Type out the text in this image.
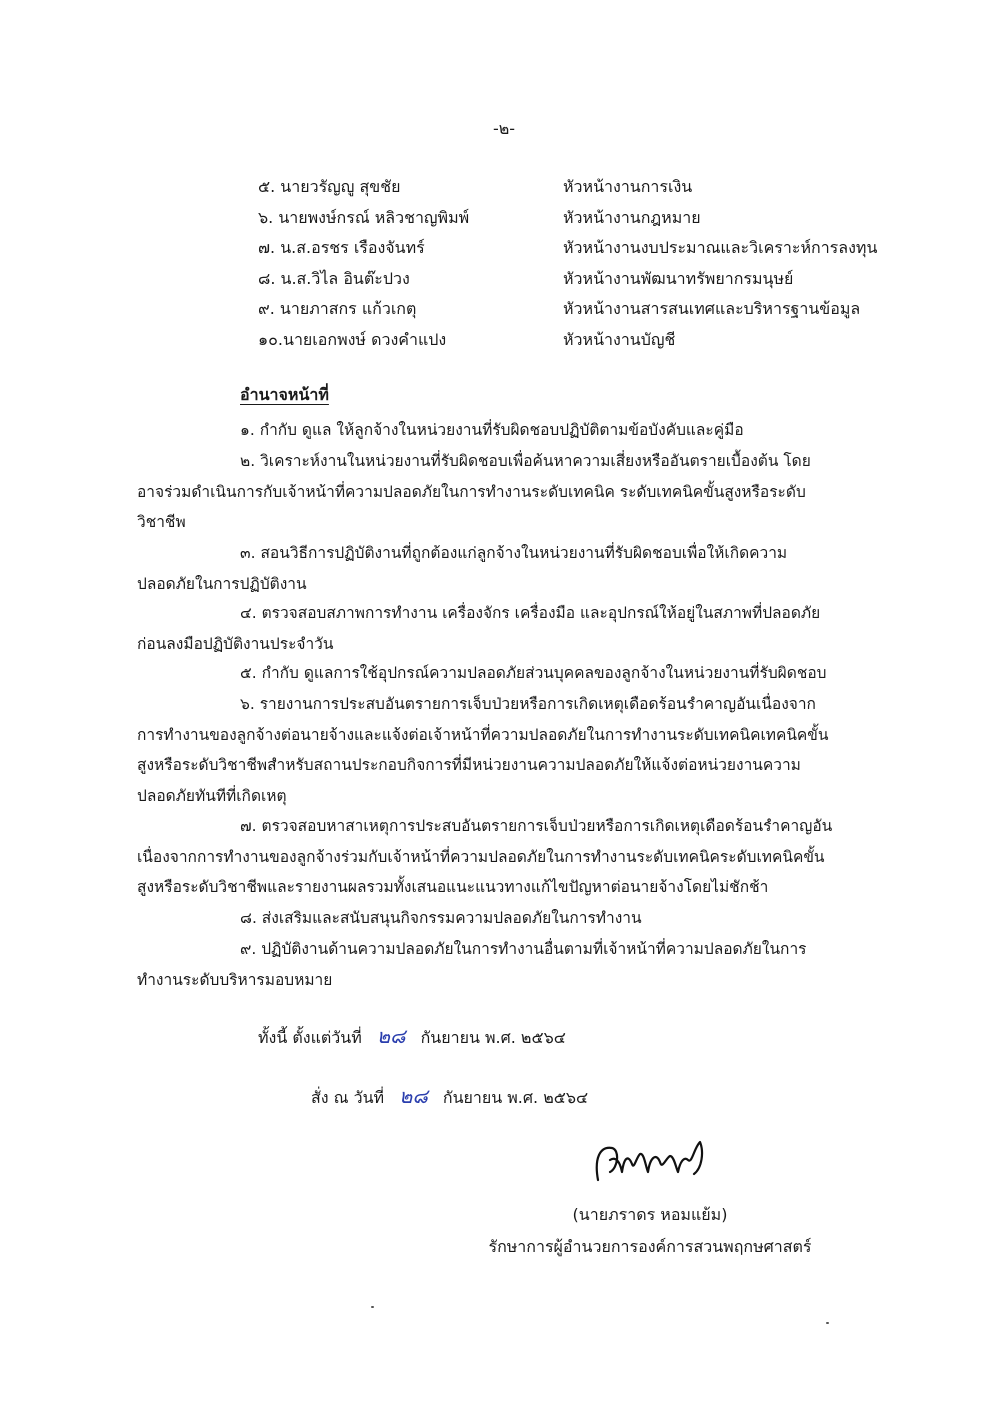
-๒-
๕. นายวรัญญู สุขชัย	หัวหน้างานการเงิน
๖. นายพงษ์กรณ์ หลิวชาญพิมพ์	หัวหน้างานกฎหมาย
๗. น.ส.อรชร เรืองจันทร์	หัวหน้างานงบประมาณและวิเคราะห์การลงทุน
๘. น.ส.วิไล อินต๊ะปวง	หัวหน้างานพัฒนาทรัพยากรมนุษย์
๙. นายภาสกร แก้วเกตุ	หัวหน้างานสารสนเทศและบริหารฐานข้อมูล
๑๐.นายเอกพงษ์ ดวงคำแปง	หัวหน้างานบัญชี
อำนาจหน้าที่
๑. กำกับ ดูแล ให้ลูกจ้างในหน่วยงานที่รับผิดชอบปฏิบัติตามข้อบังคับและคู่มือ
๒. วิเคราะห์งานในหน่วยงานที่รับผิดชอบเพื่อค้นหาความเสี่ยงหรืออันตรายเบื้องต้น โดย
อาจร่วมดำเนินการกับเจ้าหน้าที่ความปลอดภัยในการทำงานระดับเทคนิค ระดับเทคนิคขั้นสูงหรือระดับ
วิชาชีพ
๓. สอนวิธีการปฏิบัติงานที่ถูกต้องแก่ลูกจ้างในหน่วยงานที่รับผิดชอบเพื่อให้เกิดความ
ปลอดภัยในการปฏิบัติงาน
๔. ตรวจสอบสภาพการทำงาน เครื่องจักร เครื่องมือ และอุปกรณ์ให้อยู่ในสภาพที่ปลอดภัย
ก่อนลงมือปฏิบัติงานประจำวัน
๕. กำกับ ดูแลการใช้อุปกรณ์ความปลอดภัยส่วนบุคคลของลูกจ้างในหน่วยงานที่รับผิดชอบ
๖. รายงานการประสบอันตรายการเจ็บป่วยหรือการเกิดเหตุเดือดร้อนรำคาญอันเนื่องจาก
การทำงานของลูกจ้างต่อนายจ้างและแจ้งต่อเจ้าหน้าที่ความปลอดภัยในการทำงานระดับเทคนิคเทคนิคขั้น
สูงหรือระดับวิชาชีพสำหรับสถานประกอบกิจการที่มีหน่วยงานความปลอดภัยให้แจ้งต่อหน่วยงานความ
ปลอดภัยทันทีที่เกิดเหตุ
๗. ตรวจสอบหาสาเหตุการประสบอันตรายการเจ็บป่วยหรือการเกิดเหตุเดือดร้อนรำคาญอัน
เนื่องจากการทำงานของลูกจ้างร่วมกับเจ้าหน้าที่ความปลอดภัยในการทำงานระดับเทคนิคระดับเทคนิคขั้น
สูงหรือระดับวิชาชีพและรายงานผลรวมทั้งเสนอแนะแนวทางแก้ไขปัญหาต่อนายจ้างโดยไม่ชักช้า
๘. ส่งเสริมและสนับสนุนกิจกรรมความปลอดภัยในการทำงาน
๙. ปฏิบัติงานด้านความปลอดภัยในการทำงานอื่นตามที่เจ้าหน้าที่ความปลอดภัยในการ
ทำงานระดับบริหารมอบหมาย
ทั้งนี้ ตั้งแต่วันที่ ๒๘ กันยายน พ.ศ. ๒๕๖๔
สั่ง ณ วันที่ ๒๘ กันยายน พ.ศ. ๒๕๖๔
(นายภราดร หอมแย้ม)
รักษาการผู้อำนวยการองค์การสวนพฤกษศาสตร์
